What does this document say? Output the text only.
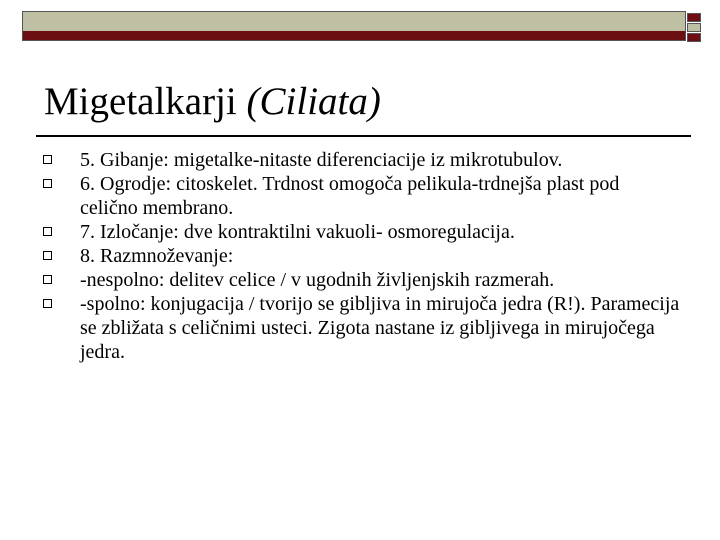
Migetalkarji (Ciliata)
5. Gibanje: migetalke-nitaste diferenciacije iz mikrotubulov.
6. Ogrodje: citoskelet. Trdnost omogoča pelikula-trdnejša plast pod celično membrano.
7. Izločanje: dve kontraktilni vakuoli- osmoregulacija.
8. Razmnoževanje:
-nespolno: delitev celice / v ugodnih življenjskih razmerah.
-spolno: konjugacija / tvorijo se gibljiva in mirujoča jedra (R!). Paramecija se zbližata s celičnimi usteci. Zigota nastane iz gibljivega in mirujočega jedra.
